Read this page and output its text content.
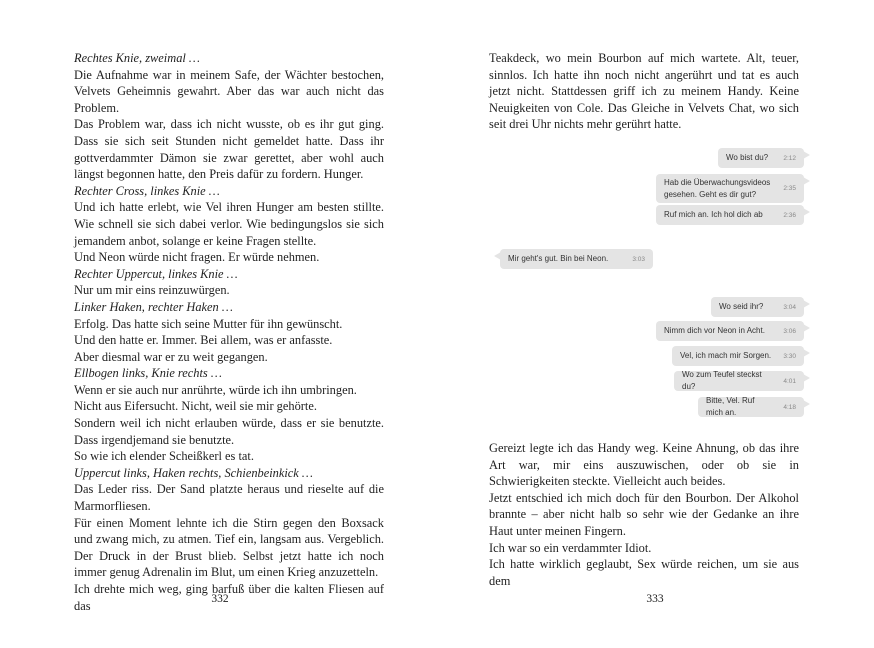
Rechtes Knie, zweimal …

Die Aufnahme war in meinem Safe, der Wächter bestochen, Velvets Geheimnis gewahrt. Aber das war auch nicht das Problem.

Das Problem war, dass ich nicht wusste, ob es ihr gut ging. Dass sie sich seit Stunden nicht gemeldet hatte. Dass ihr gottverdammter Dämon sie zwar gerettet, aber wohl auch längst begonnen hatte, den Preis dafür zu fordern. Hunger.

Rechter Cross, linkes Knie …

Und ich hatte erlebt, wie Vel ihren Hunger am besten stillte. Wie schnell sie sich dabei verlor. Wie bedingungslos sie sich jemandem anbot, solange er keine Fragen stellte.

Und Neon würde nicht fragen. Er würde nehmen.

Rechter Uppercut, linkes Knie …

Nur um mir eins reinzuwürgen.

Linker Haken, rechter Haken …

Erfolg. Das hatte sich seine Mutter für ihn gewünscht.

Und den hatte er. Immer. Bei allem, was er anfasste.

Aber diesmal war er zu weit gegangen.

Ellbogen links, Knie rechts …

Wenn er sie auch nur anrührte, würde ich ihn umbringen.

Nicht aus Eifersucht. Nicht, weil sie mir gehörte.

Sondern weil ich nicht erlauben würde, dass er sie benutzte. Dass irgendjemand sie benutzte.

So wie ich elender Scheißkerl es tat.

Uppercut links, Haken rechts, Schienbeinkick …

Das Leder riss. Der Sand platzte heraus und rieselte auf die Marmorfliesen.

Für einen Moment lehnte ich die Stirn gegen den Boxsack und zwang mich, zu atmen. Tief ein, langsam aus. Vergeblich. Der Druck in der Brust blieb. Selbst jetzt hatte ich noch immer genug Adrenalin im Blut, um einen Krieg anzuzetteln.

Ich drehte mich weg, ging barfuß über die kalten Fliesen auf das	332

Teakdeck, wo mein Bourbon auf mich wartete. Alt, teuer, sinnlos. Ich hatte ihn noch nicht angerührt und tat es auch jetzt nicht. Stattdessen griff ich zu meinem Handy. Keine Neuigkeiten von Cole. Das Gleiche in Velvets Chat, wo sich seit drei Uhr nichts mehr gerührt hatte.

Wo bist du? 2:12
Hab die Überwachungsvideos
gesehen. Geht es dir gut?
2:35
Ruf mich an. Ich hol dich ab	2:36
Mir geht's gut. Bin bei Neon.	3:03
Wo seid ihr?	3:04
Nimm dich vor Neon in Acht.	3:06
Vel, ich mach mir Sorgen. 3:30
Wo zum Teufel steckst du?
4:01
Bitte, Vel. Ruf mich an.
4:18

Gereizt legte ich das Handy weg. Keine Ahnung, ob das ihre Art war, mir eins auszuwischen, oder ob sie in Schwierigkeiten steckte. Vielleicht auch beides.

Jetzt entschied ich mich doch für den Bourbon. Der Alkohol brannte – aber nicht halb so sehr wie der Gedanke an ihre Haut unter meinen Fingern.

Ich war so ein verdammter Idiot.

Ich hatte wirklich geglaubt, Sex würde reichen, um sie aus dem

333
